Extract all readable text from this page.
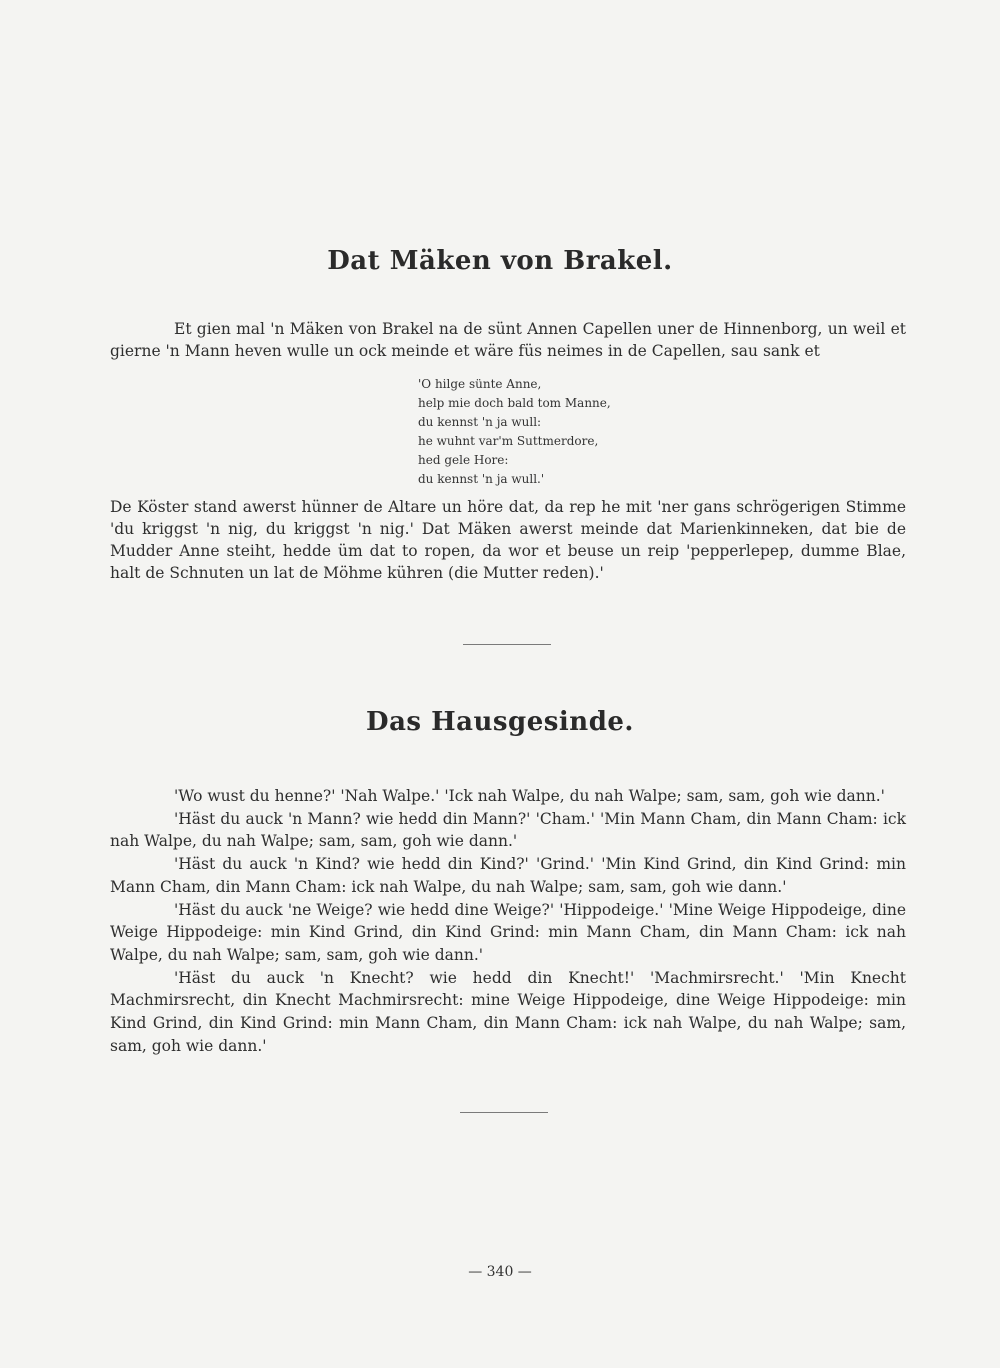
Dat Mäken von Brakel.

Et gien mal 'n Mäken von Brakel na de sünt Annen Capellen uner de Hinnenborg, un weil et gierne 'n Mann heven wulle un ock meinde et wäre füs neimes in de Capellen, sau sank et

'O hilge sünte Anne,
help mie doch bald tom Manne,
du kennst 'n ja wull:
he wuhnt var'm Suttmerdore,
hed gele Hore:
du kennst 'n ja wull.'

De Köster stand awerst hünner de Altare un höre dat, da rep he mit 'ner gans schrögerigen Stimme 'du kriggst 'n nig, du kriggst 'n nig.' Dat Mäken awerst meinde dat Marienkinneken, dat bie de Mudder Anne steiht, hedde üm dat to ropen, da wor et beuse un reip 'pepperlepep, dumme Blae, halt de Schnuten un lat de Möhme kühren (die Mutter reden).'

Das Hausgesinde.

'Wo wust du henne?' 'Nah Walpe.' 'Ick nah Walpe, du nah Walpe; sam, sam, goh wie dann.'

'Häst du auck 'n Mann? wie hedd din Mann?' 'Cham.' 'Min Mann Cham, din Mann Cham: ick nah Walpe, du nah Walpe; sam, sam, goh wie dann.'

'Häst du auck 'n Kind? wie hedd din Kind?' 'Grind.' 'Min Kind Grind, din Kind Grind: min Mann Cham, din Mann Cham: ick nah Walpe, du nah Walpe; sam, sam, goh wie dann.'

'Häst du auck 'ne Weige? wie hedd dine Weige?' 'Hippodeige.' 'Mine Weige Hippodeige, dine Weige Hippodeige: min Kind Grind, din Kind Grind: min Mann Cham, din Mann Cham: ick nah Walpe, du nah Walpe; sam, sam, goh wie dann.'

'Häst du auck 'n Knecht? wie hedd din Knecht!' 'Machmirsrecht.' 'Min Knecht Machmirsrecht, din Knecht Machmirsrecht: mine Weige Hippodeige, dine Weige Hippodeige: min Kind Grind, din Kind Grind: min Mann Cham, din Mann Cham: ick nah Walpe, du nah Walpe; sam, sam, goh wie dann.'

— 340 —
